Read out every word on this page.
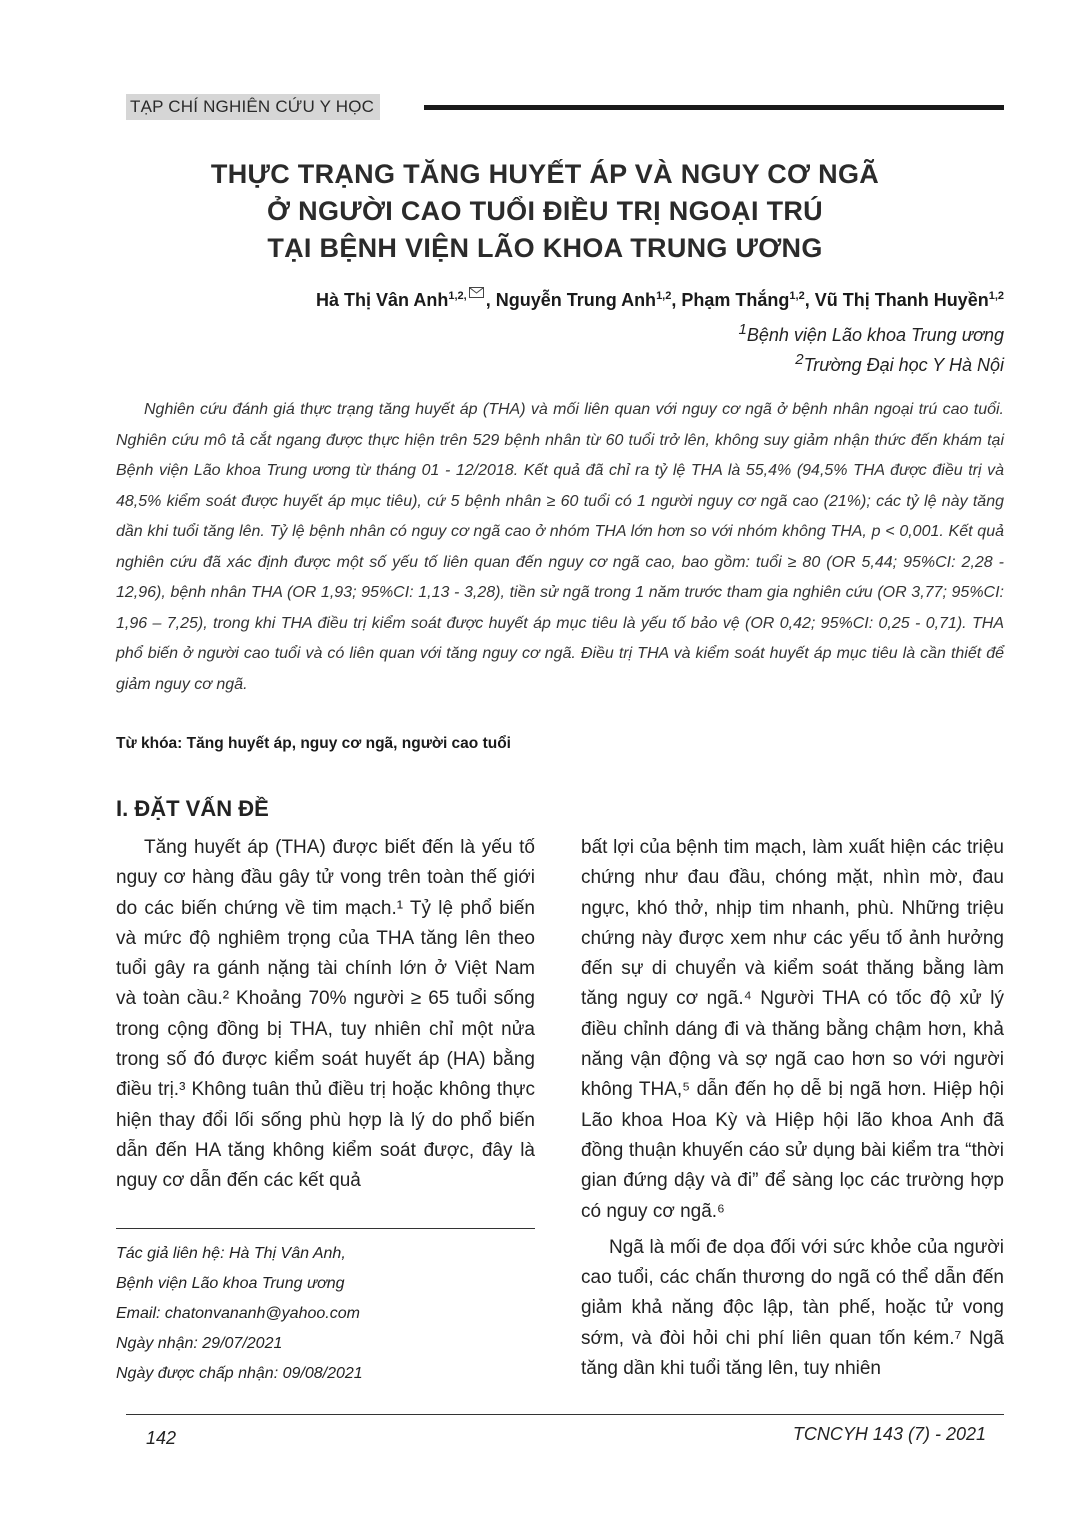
TẠP CHÍ NGHIÊN CỨU Y HỌC
THỰC TRẠNG TĂNG HUYẾT ÁP VÀ NGUY CƠ NGÃ
Ở NGƯỜI CAO TUỔI ĐIỀU TRỊ NGOẠI TRÚ
TẠI BỆNH VIỆN LÃO KHOA TRUNG ƯƠNG
Hà Thị Vân Anh$^{1,2,}$ , Nguyễn Trung Anh$^{1,2}$, Phạm Thắng$^{1,2}$, Vũ Thị Thanh Huyền$^{1,2}$
$^1$Bệnh viện Lão khoa Trung ương
$^2$Trường Đại học Y Hà Nội

Nghiên cứu đánh giá thực trạng tăng huyết áp (THA) và mối liên quan với nguy cơ ngã ở bệnh nhân ngoại trú cao tuổi. Nghiên cứu mô tả cắt ngang được thực hiện trên 529 bệnh nhân từ 60 tuổi trở lên, không suy giảm nhận thức đến khám tại Bệnh viện Lão khoa Trung ương từ tháng 01 - 12/2018. Kết quả đã chỉ ra tỷ lệ THA là 55,4% (94,5% THA được điều trị và 48,5% kiểm soát được huyết áp mục tiêu), cứ 5 bệnh nhân ≥ 60 tuổi có 1 người nguy cơ ngã cao (21%); các tỷ lệ này tăng dần khi tuổi tăng lên. Tỷ lệ bệnh nhân có nguy cơ ngã cao ở nhóm THA lớn hơn so với nhóm không THA, p < 0,001. Kết quả nghiên cứu đã xác định được một số yếu tố liên quan đến nguy cơ ngã cao, bao gồm: tuổi ≥ 80 (OR 5,44; 95%CI: 2,28 - 12,96), bệnh nhân THA (OR 1,93; 95%CI: 1,13 - 3,28), tiền sử ngã trong 1 năm trước tham gia nghiên cứu (OR 3,77; 95%CI: 1,96 – 7,25), trong khi THA điều trị kiểm soát được huyết áp mục tiêu là yếu tố bảo vệ (OR 0,42; 95%CI: 0,25 - 0,71). THA phổ biến ở người cao tuổi và có liên quan với tăng nguy cơ ngã. Điều trị THA và kiểm soát huyết áp mục tiêu là cần thiết để giảm nguy cơ ngã.

Từ khóa: Tăng huyết áp, nguy cơ ngã, người cao tuổi
I. ĐẶT VẤN ĐỀ

Tăng huyết áp (THA) được biết đến là yếu tố nguy cơ hàng đầu gây tử vong trên toàn thế giới do các biến chứng về tim mạch.¹ Tỷ lệ phổ biến và mức độ nghiêm trọng của THA tăng lên theo tuổi gây ra gánh nặng tài chính lớn ở Việt Nam và toàn cầu.² Khoảng 70% người ≥ 65 tuổi sống trong cộng đồng bị THA, tuy nhiên chỉ một nửa trong số đó được kiểm soát huyết áp (HA) bằng điều trị.³ Không tuân thủ điều trị hoặc không thực hiện thay đổi lối sống phù hợp là lý do phổ biến dẫn đến HA tăng không kiểm soát được, đây là nguy cơ dẫn đến các kết quả

bất lợi của bệnh tim mạch, làm xuất hiện các triệu chứng như đau đầu, chóng mặt, nhìn mờ, đau ngực, khó thở, nhịp tim nhanh, phù. Những triệu chứng này được xem như các yếu tố ảnh hưởng đến sự di chuyển và kiểm soát thăng bằng làm tăng nguy cơ ngã.⁴ Người THA có tốc độ xử lý điều chỉnh dáng đi và thăng bằng chậm hơn, khả năng vận động và sợ ngã cao hơn so với người không THA,⁵ dẫn đến họ dễ bị ngã hơn. Hiệp hội Lão khoa Hoa Kỳ và Hiệp hội lão khoa Anh đã đồng thuận khuyến cáo sử dụng bài kiểm tra “thời gian đứng dậy và đi” để sàng lọc các trường hợp có nguy cơ ngã.⁶

Ngã là mối đe dọa đối với sức khỏe của người cao tuổi, các chấn thương do ngã có thể dẫn đến giảm khả năng độc lập, tàn phế, hoặc tử vong sớm, và đòi hỏi chi phí liên quan tốn kém.⁷ Ngã tăng dần khi tuổi tăng lên, tuy nhiên

Tác giả liên hệ: Hà Thị Vân Anh,
Bệnh viện Lão khoa Trung ương
Email: chatonvananh@yahoo.com
Ngày nhận: 29/07/2021
Ngày được chấp nhận: 09/08/2021
142	TCNCYH 143 (7) - 2021
